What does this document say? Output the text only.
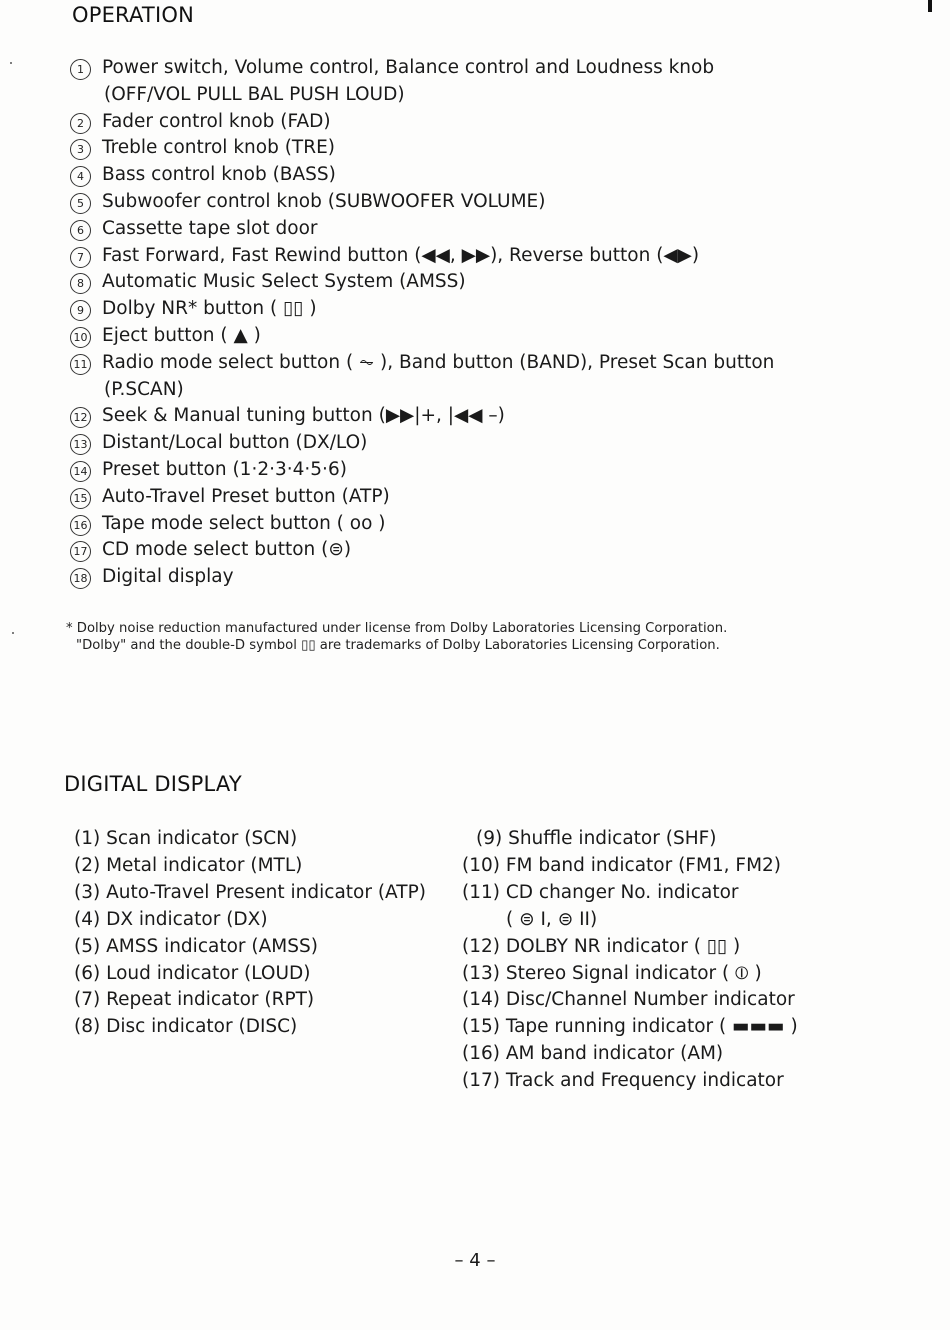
OPERATION
1 Power switch, Volume control, Balance control and Loudness knob
(OFF/VOL PULL BAL PUSH LOUD)
2 Fader control knob (FAD)
3 Treble control knob (TRE)
4 Bass control knob (BASS)
5 Subwoofer control knob (SUBWOOFER VOLUME)
6 Cassette tape slot door
7 Fast Forward, Fast Rewind button (◀◀, ▶▶), Reverse button (◀▶)
8 Automatic Music Select System (AMSS)
9 Dolby NR* button ( ▯▯ )
10 Eject button ( ▲ )
11 Radio mode select button ( ⏦ ), Band button (BAND), Preset Scan button
(P.SCAN)
12 Seek & Manual tuning button (▶▶|+, |◀◀ –)
13 Distant/Local button (DX/LO)
14 Preset button (1·2·3·4·5·6)
15 Auto-Travel Preset button (ATP)
16 Tape mode select button ( oo )
17 CD mode select button (⊜)
18 Digital display
* Dolby noise reduction manufactured under license from Dolby Laboratories Licensing Corporation.
"Dolby" and the double-D symbol ▯▯ are trademarks of Dolby Laboratories Licensing Corporation.
DIGITAL DISPLAY
(1) Scan indicator (SCN)
(2) Metal indicator (MTL)
(3) Auto-Travel Present indicator (ATP)
(4) DX indicator (DX)
(5) AMSS indicator (AMSS)
(6) Loud indicator (LOUD)
(7) Repeat indicator (RPT)
(8) Disc indicator (DISC)
(9) Shuffle indicator (SHF)
(10) FM band indicator (FM1, FM2)
(11) CD changer No. indicator
( ⊜ I, ⊜ II)
(12) DOLBY NR indicator ( ▯▯ )
(13) Stereo Signal indicator ( ⦶ )
(14) Disc/Channel Number indicator
(15) Tape running indicator ( ▬▬▬ )
(16) AM band indicator (AM)
(17) Track and Frequency indicator
– 4 –
